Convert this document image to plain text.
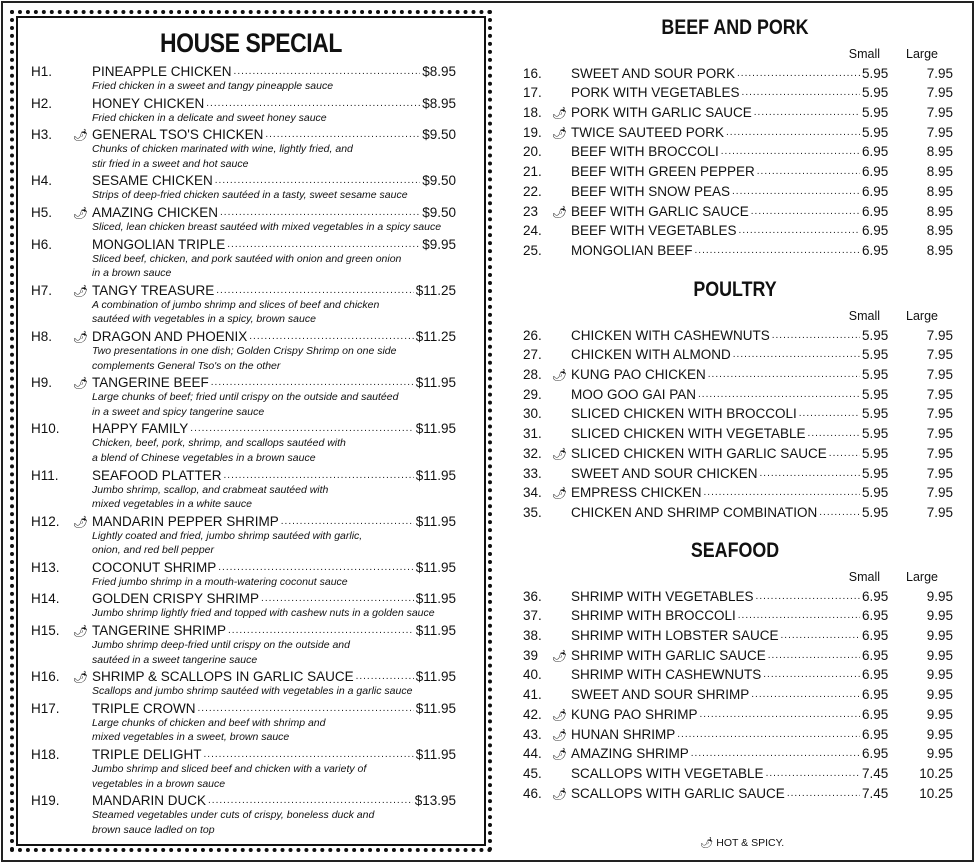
HOUSE SPECIAL
H1.	PINEAPPLE CHICKEN .....	$8.95
Fried chicken in a sweet and tangy pineapple sauce
H2.	HONEY CHICKEN .....	$8.95
Fried chicken in a delicate and sweet honey sauce
H3.	🌶︎ GENERAL TSO'S CHICKEN .....	$9.50
Chunks of chicken marinated with wine, lightly fried, and
stir fried in a sweet and hot sauce
H4.	SESAME CHICKEN .....	$9.50
Strips of deep-fried chicken sautéed in a tasty, sweet sesame sauce
H5.	🌶︎ AMAZING CHICKEN .....	$9.50
Sliced, lean chicken breast sautéed with mixed vegetables in a spicy sauce
H6.	MONGOLIAN TRIPLE .....	$9.95
Sliced beef, chicken, and pork sautéed with onion and green onion
in a brown sauce
H7.	🌶︎ TANGY TREASURE .....	$11.25
A combination of jumbo shrimp and slices of beef and chicken
sautéed with vegetables in a spicy, brown sauce
H8.	🌶︎ DRAGON AND PHOENIX .....	$11.25
Two presentations in one dish; Golden Crispy Shrimp on one side
complements General Tso's on the other
H9.	🌶︎ TANGERINE BEEF .....	$11.95
Large chunks of beef; fried until crispy on the outside and sautéed
in a sweet and spicy tangerine sauce
H10.	HAPPY FAMILY .....	$11.95
Chicken, beef, pork, shrimp, and scallops sautéed with
a blend of Chinese vegetables in a brown sauce
H11.	SEAFOOD PLATTER .....	$11.95
Jumbo shrimp, scallop, and crabmeat sautéed with
mixed vegetables in a white sauce
H12.	🌶︎ MANDARIN PEPPER SHRIMP .....	$11.95
Lightly coated and fried, jumbo shrimp sautéed with garlic,
onion, and red bell pepper
H13.	COCONUT SHRIMP .....	$11.95
Fried jumbo shrimp in a mouth-watering coconut sauce
H14.	GOLDEN CRISPY SHRIMP .....	$11.95
Jumbo shrimp lightly fried and topped with cashew nuts in a golden sauce
H15.	🌶︎ TANGERINE SHRIMP .....	$11.95
Jumbo shrimp deep-fried until crispy on the outside and
sautéed in a sweet tangerine sauce
H16.	🌶︎ SHRIMP & SCALLOPS IN GARLIC SAUCE .....	$11.95
Scallops and jumbo shrimp sautéed with vegetables in a garlic sauce
H17.	TRIPLE CROWN .....	$11.95
Large chunks of chicken and beef with shrimp and
mixed vegetables in a sweet, brown sauce
H18.	TRIPLE DELIGHT .....	$11.95
Jumbo shrimp and sliced beef and chicken with a variety of
vegetables in a brown sauce
H19.	MANDARIN DUCK .....	$13.95
Steamed vegetables under cuts of crispy, boneless duck and
brown sauce ladled on top
BEEF AND PORK
Small Large
16.	SWEET AND SOUR PORK .....	5.95	7.95
17.	PORK WITH VEGETABLES .....	5.95	7.95
18. 🌶︎ PORK WITH GARLIC SAUCE .....	5.95	7.95
19. 🌶︎ TWICE SAUTEED PORK .....	5.95	7.95
20.	BEEF WITH BROCCOLI .....	6.95	8.95
21.	BEEF WITH GREEN PEPPER .....	6.95	8.95
22.	BEEF WITH SNOW PEAS .....	6.95	8.95
23	🌶︎ BEEF WITH GARLIC SAUCE .....	6.95	8.95
24.	BEEF WITH VEGETABLES .....	6.95	8.95
25.	MONGOLIAN BEEF .....	6.95	8.95
POULTRY
Small Large
26.	CHICKEN WITH CASHEWNUTS .....	5.95	7.95
27.	CHICKEN WITH ALMOND .....	5.95	7.95
28. 🌶︎ KUNG PAO CHICKEN .....	5.95	7.95
29.	MOO GOO GAI PAN .....	5.95	7.95
30.	SLICED CHICKEN WITH BROCCOLI .....	5.95	7.95
31.	SLICED CHICKEN WITH VEGETABLE .....	5.95	7.95
32. 🌶︎ SLICED CHICKEN WITH GARLIC SAUCE .....	5.95	7.95
33.	SWEET AND SOUR CHICKEN .....	5.95	7.95
34. 🌶︎ EMPRESS CHICKEN .....	5.95	7.95
35.	CHICKEN AND SHRIMP COMBINATION .....	5.95	7.95
SEAFOOD
Small Large
36.	SHRIMP WITH VEGETABLES .....	6.95	9.95
37.	SHRIMP WITH BROCCOLI .....	6.95	9.95
38.	SHRIMP WITH LOBSTER SAUCE .....	6.95	9.95
39	🌶︎ SHRIMP WITH GARLIC SAUCE .....	6.95	9.95
40.	SHRIMP WITH CASHEWNUTS .....	6.95	9.95
41.	SWEET AND SOUR SHRIMP .....	6.95	9.95
42. 🌶︎ KUNG PAO SHRIMP .....	6.95	9.95
43. 🌶︎ HUNAN SHRIMP .....	6.95	9.95
44. 🌶︎ AMAZING SHRIMP .....	6.95	9.95
45.	SCALLOPS WITH VEGETABLE .....	7.45	10.25
46. 🌶︎ SCALLOPS WITH GARLIC SAUCE .....	7.45	10.25
🌶︎ HOT & SPICY.
